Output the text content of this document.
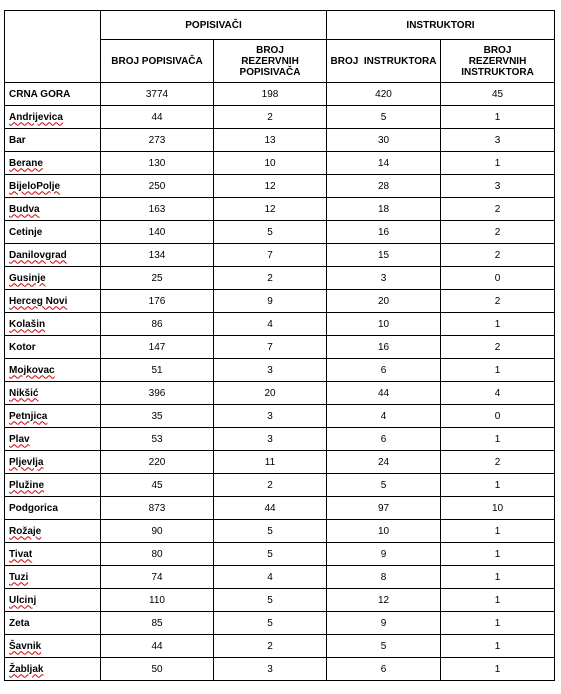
	POPISIVAČI		INSTRUKTORI	
	BROJ POPISIVAČA	BROJ REZERVNIH POPISIVAČA	BROJ  INSTRUKTORA	BROJ REZERVNIH INSTRUKTORA
CRNA GORA	3774	198	420	45
Andrijevica	44	2	5	1
Bar	273	13	30	3
Berane	130	10	14	1
BijeloPolje	250	12	28	3
Budva	163	12	18	2
Cetinje	140	5	16	2
Danilovgrad	134	7	15	2
Gusinje	25	2	3	0
Herceg Novi	176	9	20	2
Kolašin	86	4	10	1
Kotor	147	7	16	2
Mojkovac	51	3	6	1
Nikšić	396	20	44	4
Petnjica	35	3	4	0
Plav	53	3	6	1
Pljevlja	220	11	24	2
Plužine	45	2	5	1
Podgorica	873	44	97	10
Rožaje	90	5	10	1
Tivat	80	5	9	1
Tuzi	74	4	8	1
Ulcinj	110	5	12	1
Zeta	85	5	9	1
Šavnik	44	2	5	1
Žabljak	50	3	6	1
